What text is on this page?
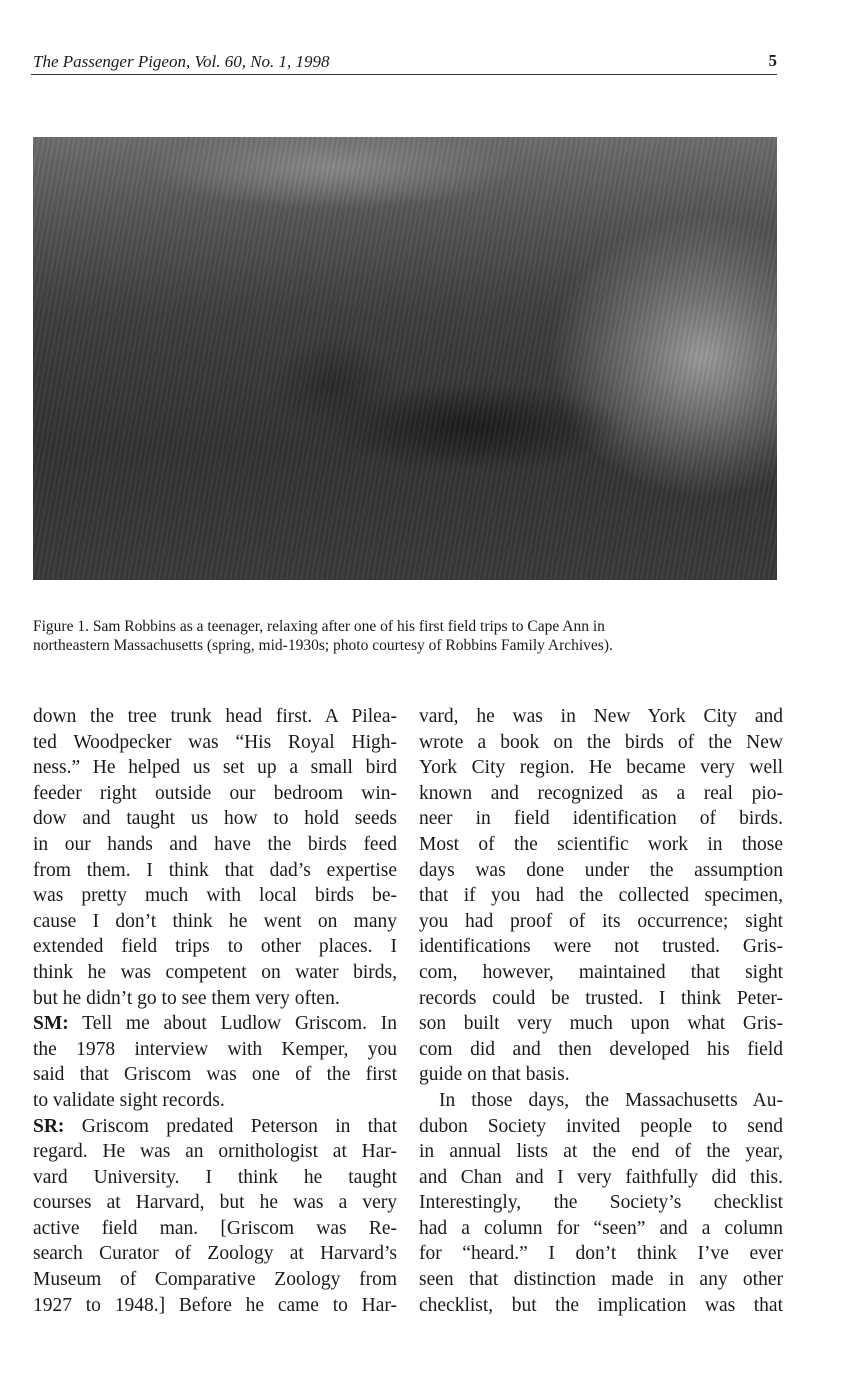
The Passenger Pigeon, Vol. 60, No. 1, 1998	5
Figure 1. Sam Robbins as a teenager, relaxing after one of his first field trips to Cape Ann in
northeastern Massachusetts (spring, mid-1930s; photo courtesy of Robbins Family Archives).
down the tree trunk head first. A Pilea-
ted Woodpecker was “His Royal High-
ness.” He helped us set up a small bird
feeder right outside our bedroom win-
dow and taught us how to hold seeds
in our hands and have the birds feed
from them. I think that dad’s expertise
was pretty much with local birds be-
cause I don’t think he went on many
extended field trips to other places. I
think he was competent on water birds,
but he didn’t go to see them very often.
SM: Tell me about Ludlow Griscom. In
the 1978 interview with Kemper, you
said that Griscom was one of the first
to validate sight records.
SR: Griscom predated Peterson in that
regard. He was an ornithologist at Har-
vard University. I think he taught
courses at Harvard, but he was a very
active field man. [Griscom was Re-
search Curator of Zoology at Harvard’s
Museum of Comparative Zoology from
1927 to 1948.] Before he came to Har-
vard, he was in New York City and
wrote a book on the birds of the New
York City region. He became very well
known and recognized as a real pio-
neer in field identification of birds.
Most of the scientific work in those
days was done under the assumption
that if you had the collected specimen,
you had proof of its occurrence; sight
identifications were not trusted. Gris-
com, however, maintained that sight
records could be trusted. I think Peter-
son built very much upon what Gris-
com did and then developed his field
guide on that basis.
In those days, the Massachusetts Au-
dubon Society invited people to send
in annual lists at the end of the year,
and Chan and I very faithfully did this.
Interestingly, the Society’s checklist
had a column for “seen” and a column
for “heard.” I don’t think I’ve ever
seen that distinction made in any other
checklist, but the implication was that
